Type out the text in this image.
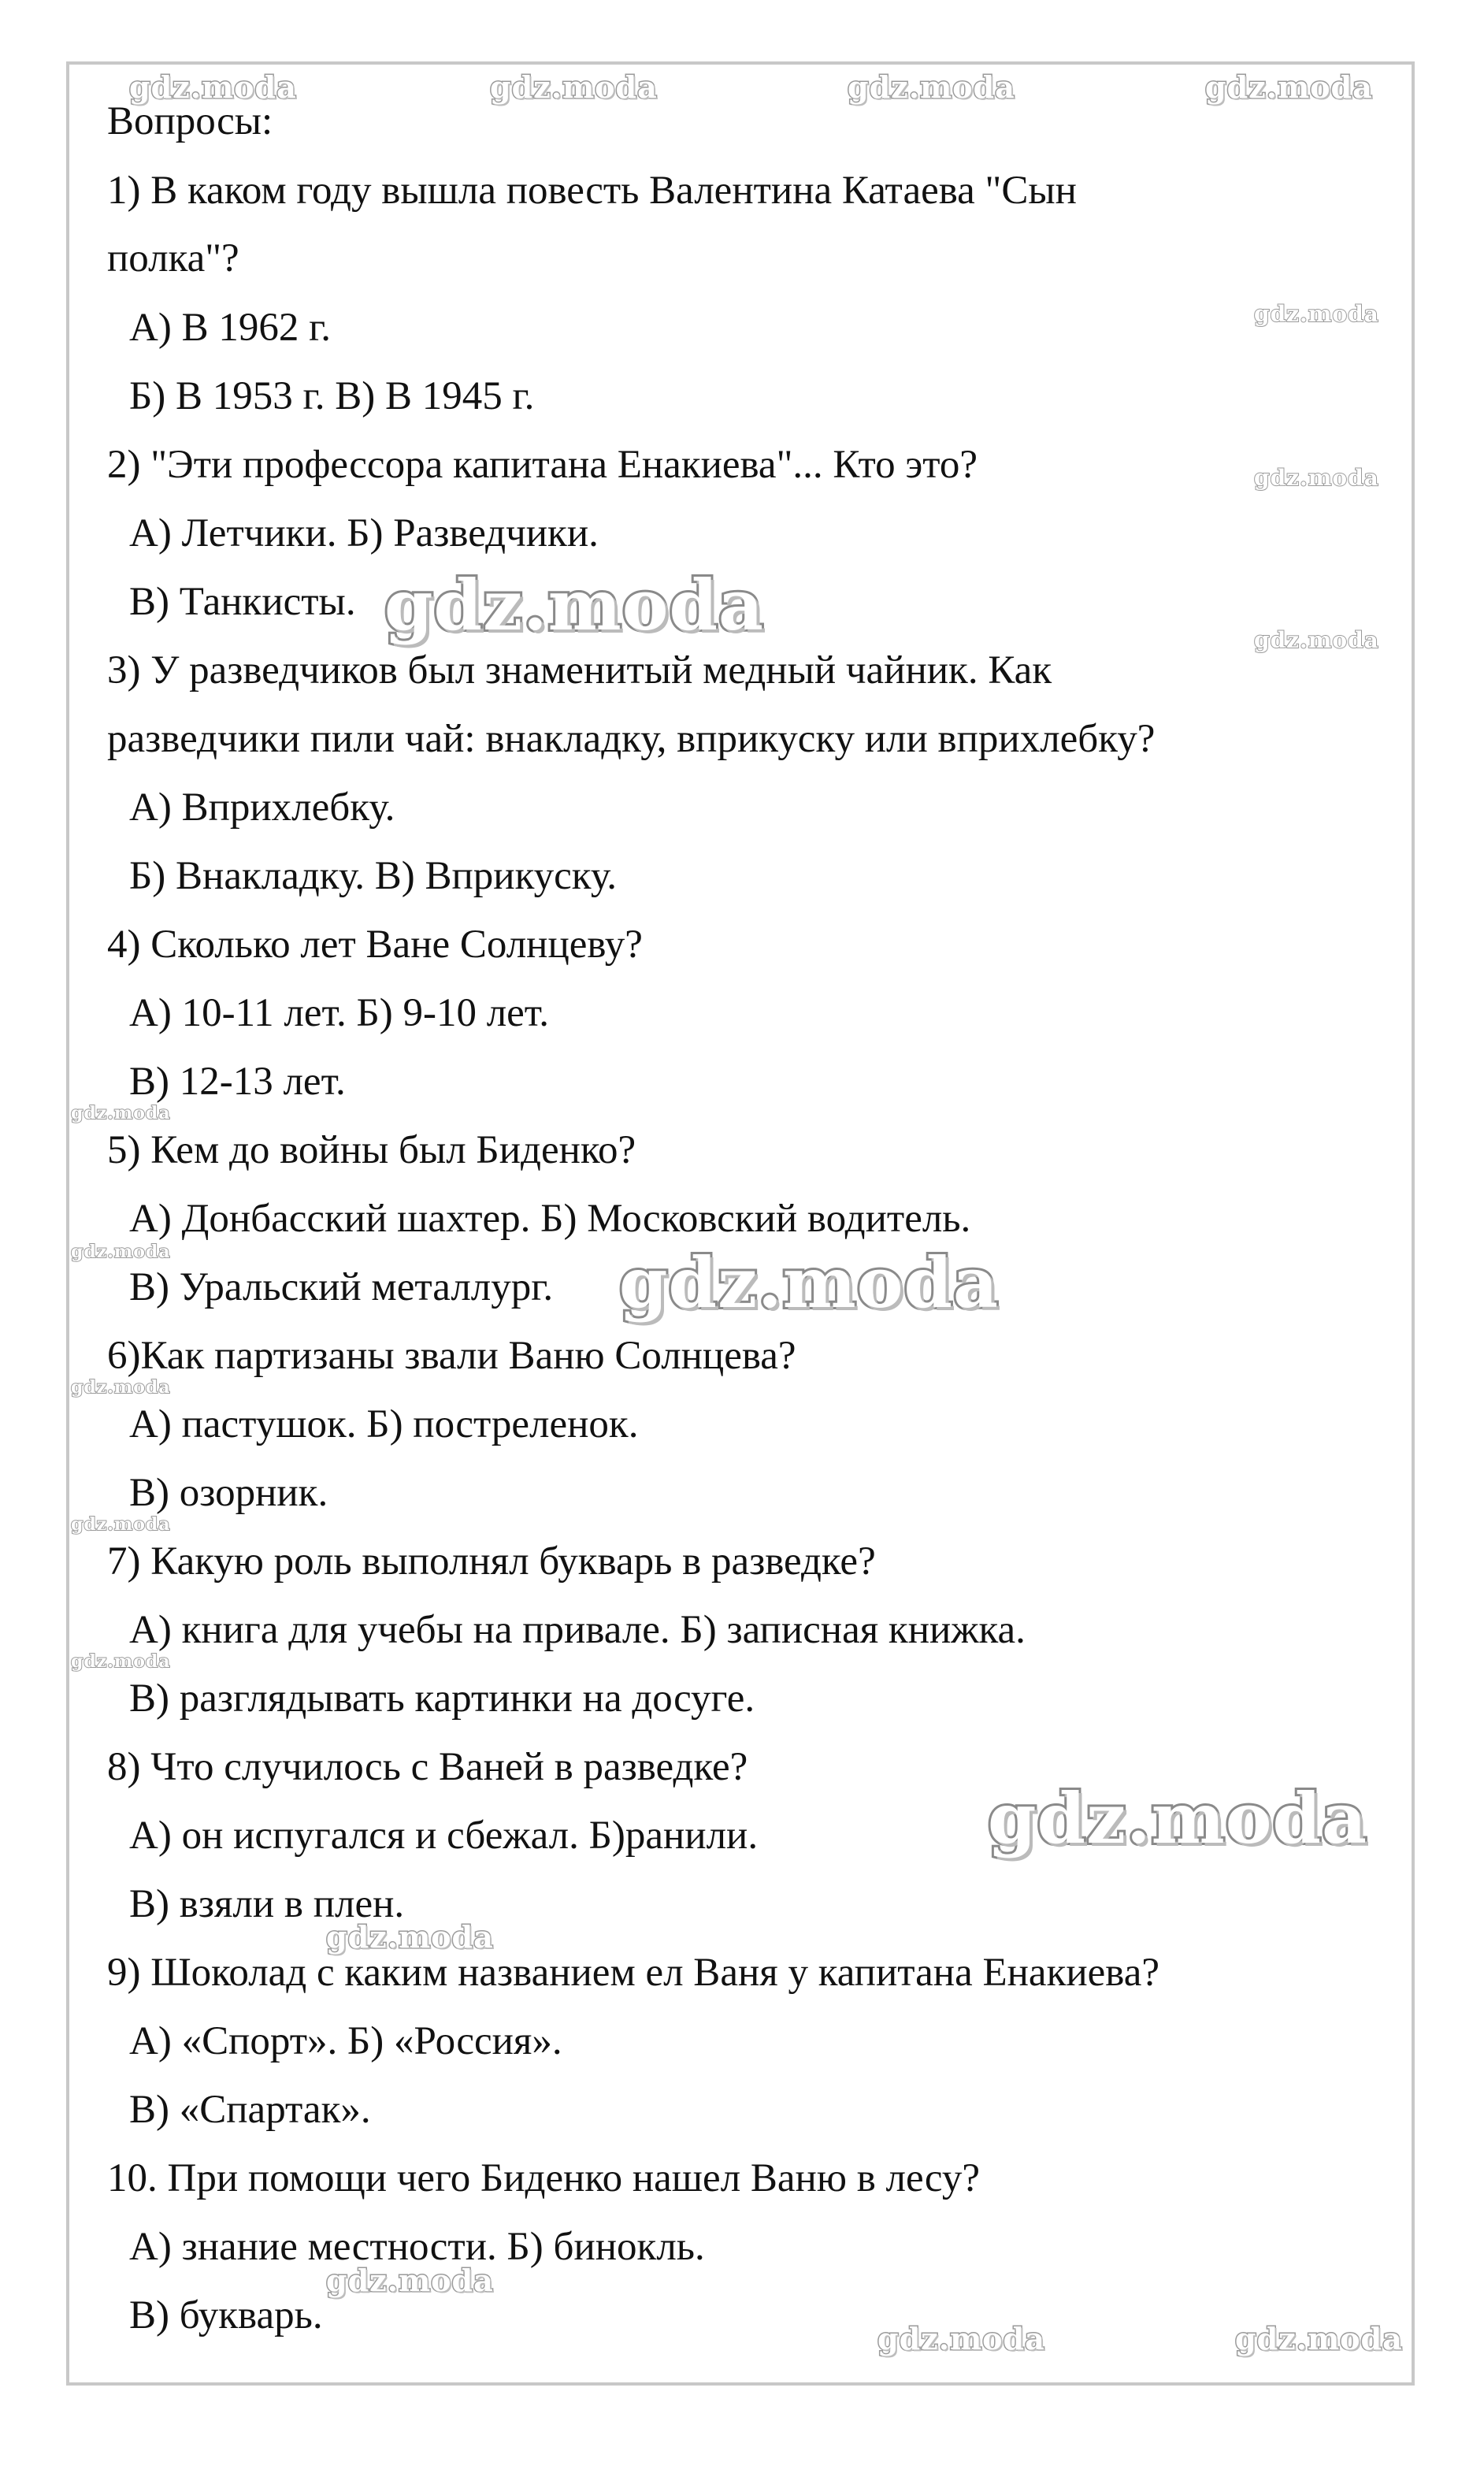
Вопросы:
1) В каком году вышла повесть Валентина Катаева "Сын
полка"?
А) В 1962 г.
Б) В 1953 г. В) В 1945 г.
2) "Эти профессора капитана Енакиева"... Кто это?
А) Летчики. Б) Разведчики.
В) Танкисты.
3) У разведчиков был знаменитый медный чайник. Как
разведчики пили чай: внакладку, вприкуску или вприхлебку?
А) Вприхлебку.
Б) Внакладку. В) Вприкуску.
4) Сколько лет Ване Солнцеву?
А) 10-11 лет. Б) 9-10 лет.
В) 12-13 лет.
5) Кем до войны был Биденко?
А) Донбасский шахтер. Б) Московский водитель.
В) Уральский металлург.
6)Как партизаны звали Ваню Солнцева?
А) пастушок. Б) постреленок.
В) озорник.
7) Какую роль выполнял букварь в разведке?
А) книга для учебы на привале. Б) записная книжка.
В) разглядывать картинки на досуге.
8) Что случилось с Ваней в разведке?
А) он испугался и сбежал. Б)ранили.
В) взяли в плен.
9) Шоколад с каким названием ел Ваня у капитана Енакиева?
А) «Спорт». Б) «Россия».
В) «Спартак».
10. При помощи чего Биденко нашел Ваню в лесу?
А) знание местности. Б) бинокль.
В) букварь.
gdz.moda	gdz.moda	gdz.moda	gdz.moda
gdz.moda
gdz.moda
gdz.moda
gdz.moda
gdz.moda
gdz.moda
gdz.moda
gdz.moda
gdz.moda
gdz.moda
gdz.moda
gdz.moda
gdz.moda
gdz.moda	gdz.moda
